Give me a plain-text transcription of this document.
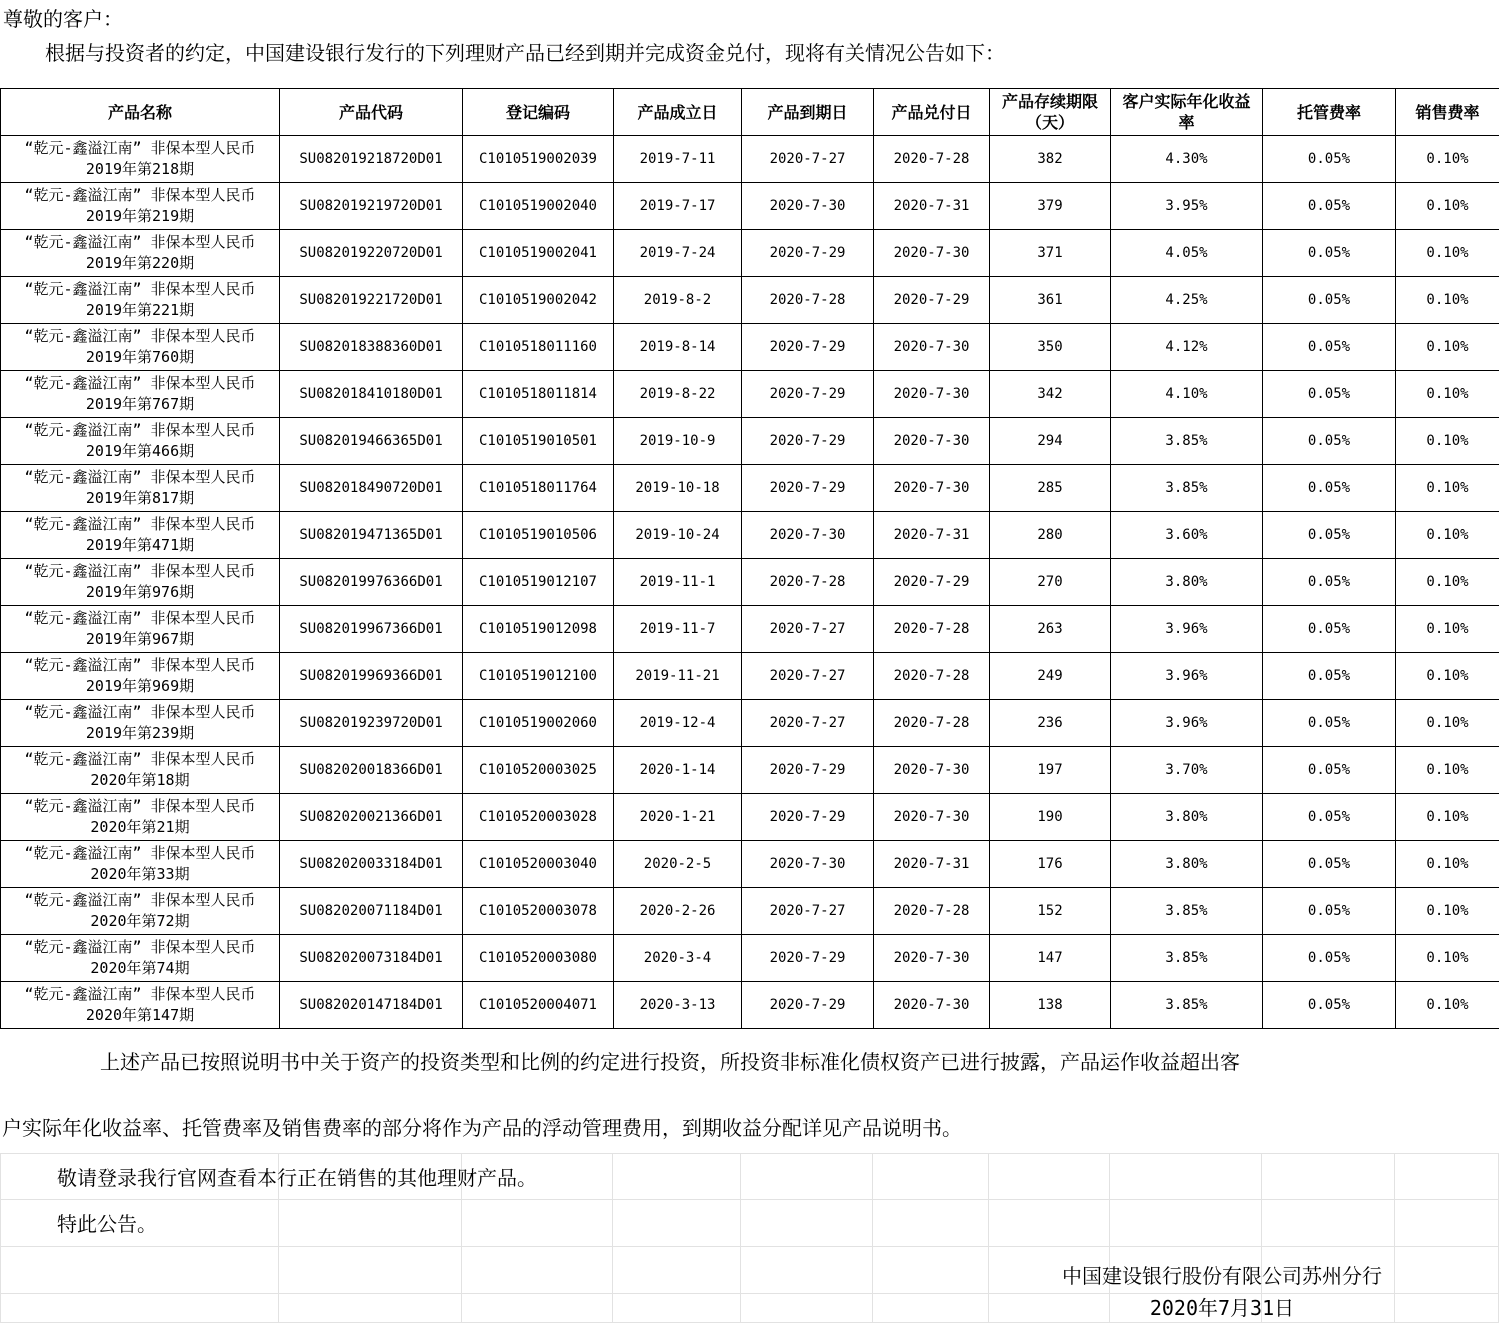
尊敬的客户：
根据与投资者的约定，中国建设银行发行的下列理财产品已经到期并完成资金兑付，现将有关情况公告如下：
产品名称	产品代码	登记编码	产品成立日	产品到期日	产品兑付日	产品存续期限（天）	客户实际年化收益率	托管费率	销售费率
“乾元-鑫溢江南” 非保本型人民币2019年第218期	SU082019218720D01	C1010519002039	2019-7-11	2020-7-27	2020-7-28	382	4.30%	0.05%	0.10%
“乾元-鑫溢江南” 非保本型人民币2019年第219期	SU082019219720D01	C1010519002040	2019-7-17	2020-7-30	2020-7-31	379	3.95%	0.05%	0.10%
“乾元-鑫溢江南” 非保本型人民币2019年第220期	SU082019220720D01	C1010519002041	2019-7-24	2020-7-29	2020-7-30	371	4.05%	0.05%	0.10%
“乾元-鑫溢江南” 非保本型人民币2019年第221期	SU082019221720D01	C1010519002042	2019-8-2	2020-7-28	2020-7-29	361	4.25%	0.05%	0.10%
“乾元-鑫溢江南” 非保本型人民币2019年第760期	SU082018388360D01	C1010518011160	2019-8-14	2020-7-29	2020-7-30	350	4.12%	0.05%	0.10%
“乾元-鑫溢江南” 非保本型人民币2019年第767期	SU082018410180D01	C1010518011814	2019-8-22	2020-7-29	2020-7-30	342	4.10%	0.05%	0.10%
“乾元-鑫溢江南” 非保本型人民币2019年第466期	SU082019466365D01	C1010519010501	2019-10-9	2020-7-29	2020-7-30	294	3.85%	0.05%	0.10%
“乾元-鑫溢江南” 非保本型人民币2019年第817期	SU082018490720D01	C1010518011764	2019-10-18	2020-7-29	2020-7-30	285	3.85%	0.05%	0.10%
“乾元-鑫溢江南” 非保本型人民币2019年第471期	SU082019471365D01	C1010519010506	2019-10-24	2020-7-30	2020-7-31	280	3.60%	0.05%	0.10%
“乾元-鑫溢江南” 非保本型人民币2019年第976期	SU082019976366D01	C1010519012107	2019-11-1	2020-7-28	2020-7-29	270	3.80%	0.05%	0.10%
“乾元-鑫溢江南” 非保本型人民币2019年第967期	SU082019967366D01	C1010519012098	2019-11-7	2020-7-27	2020-7-28	263	3.96%	0.05%	0.10%
“乾元-鑫溢江南” 非保本型人民币2019年第969期	SU082019969366D01	C1010519012100	2019-11-21	2020-7-27	2020-7-28	249	3.96%	0.05%	0.10%
“乾元-鑫溢江南” 非保本型人民币2019年第239期	SU082019239720D01	C1010519002060	2019-12-4	2020-7-27	2020-7-28	236	3.96%	0.05%	0.10%
“乾元-鑫溢江南” 非保本型人民币2020年第18期	SU082020018366D01	C1010520003025	2020-1-14	2020-7-29	2020-7-30	197	3.70%	0.05%	0.10%
“乾元-鑫溢江南” 非保本型人民币2020年第21期	SU082020021366D01	C1010520003028	2020-1-21	2020-7-29	2020-7-30	190	3.80%	0.05%	0.10%
“乾元-鑫溢江南” 非保本型人民币2020年第33期	SU082020033184D01	C1010520003040	2020-2-5	2020-7-30	2020-7-31	176	3.80%	0.05%	0.10%
“乾元-鑫溢江南” 非保本型人民币2020年第72期	SU082020071184D01	C1010520003078	2020-2-26	2020-7-27	2020-7-28	152	3.85%	0.05%	0.10%
“乾元-鑫溢江南” 非保本型人民币2020年第74期	SU082020073184D01	C1010520003080	2020-3-4	2020-7-29	2020-7-30	147	3.85%	0.05%	0.10%
“乾元-鑫溢江南” 非保本型人民币2020年第147期	SU082020147184D01	C1010520004071	2020-3-13	2020-7-29	2020-7-30	138	3.85%	0.05%	0.10%
上述产品已按照说明书中关于资产的投资类型和比例的约定进行投资，所投资非标准化债权资产已进行披露，产品运作收益超出客
户实际年化收益率、托管费率及销售费率的部分将作为产品的浮动管理费用，到期收益分配详见产品说明书。
敬请登录我行官网查看本行正在销售的其他理财产品。
特此公告。
中国建设银行股份有限公司苏州分行
2020年7月31日
